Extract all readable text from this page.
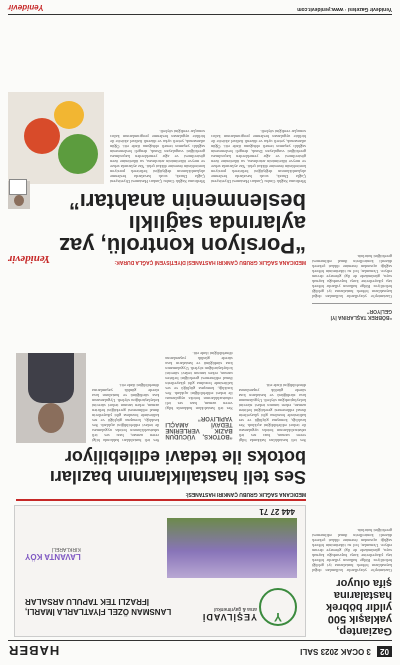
02 3 OCAK 2023 SALI
HABER
Gaziantep, yaklaşık 500 yıldır böbrek hastalarına şifa oluyor
Gaziantep'te yüzyıllardır kullanılan doğal kaynakların böbrek hastalarına iyi geldiği belirtiliyor. Bölge halkının yıllardır böbrek taşı şikayetlerine karşı başvurduğu kaynak suyu, günümüzde de ilgi görmeye devam ediyor. Uzmanlar, bol su tüketiminin böbrek sağlığı açısından önemine dikkat çekerek düzenli kontrollerin ihmal edilmemesi gerektiğini hatırlattı.
“BÖBREK TAŞLARINA İYİ GELİYOR”
Gaziantep'te yüzyıllardır kullanılan doğal kaynakların böbrek hastalarına iyi geldiği belirtiliyor. Bölge halkının yıllardır böbrek taşı şikayetlerine karşı başvurduğu kaynak suyu, günümüzde de ilgi görmeye devam ediyor. Uzmanlar, bol su tüketiminin böbrek sağlığı açısından önemine dikkat çekerek düzenli kontrollerin ihmal edilmemesi gerektiğini hatırlattı.
Y
YEŞİLVADİ
arsa & gayrimenkul
LANSMAN ÖZEL FİYATLARLA İMARLI, İFRAZLI TEK TAPULU ARSALAR
LAVANTA KÖY
KIRKLARELİ
444 27 71
MEDICANA SAĞLIK GRUBU ÇANKIRI HASTANESİ:
Ses teli hastalıklarının bazıları botoks ile tedavi edilebiliyor
Ses teli hastalıkları hakkında bilgi veren uzman, bazı ses teli rahatsızlıklarının botoks uygulaması ile tedavi edilebildiğini açıkladı. Ses kısıklığı, konuşma güçlüğü ve ses kalitesinde bozulma gibi şikayetlerin ihmal edilmemesi gerektiğini belirten uzman, erken tanının tedavi sürecini kolaylaştırdığını söyledi. Uygulamanın kısa sürdüğünü ve hastaların kısa sürede günlük yaşamlarına dönebildiğini ifade etti.
“BOTOKS, VÜCUDUN BAZIK VERLERİNE TEDAVİ AMAÇLI YAPILIYOR”
Ses teli hastalıkları hakkında bilgi veren uzman, bazı ses teli rahatsızlıklarının botoks uygulaması ile tedavi edilebildiğini açıkladı. Ses kısıklığı, konuşma güçlüğü ve ses kalitesinde bozulma gibi şikayetlerin ihmal edilmemesi gerektiğini belirten uzman, erken tanının tedavi sürecini kolaylaştırdığını söyledi. Uygulamanın kısa sürdüğünü ve hastaların kısa sürede günlük yaşamlarına dönebildiğini ifade etti.
Ses teli hastalıkları hakkında bilgi veren uzman, bazı ses teli rahatsızlıklarının botoks uygulaması ile tedavi edilebildiğini açıkladı. Ses kısıklığı, konuşma güçlüğü ve ses kalitesinde bozulma gibi şikayetlerin ihmal edilmemesi gerektiğini belirten uzman, erken tanının tedavi sürecini kolaylaştırdığını söyledi. Uygulamanın kısa sürdüğünü ve hastaların kısa sürede günlük yaşamlarına dönebildiğini ifade etti.
Yenidevir	MEDICANA SAĞLIK GRUBU ÇANKIRI HASTANESİ DİYETİSYENİ ÇAĞLA DURAK:
“Porsiyon kontrolü, yaz aylarında sağlıklı beslenmenin anahtarı”
Medicana Sağlık Grubu Çankırı Hastanesi Diyetisyeni Çağla Durak, sıcak havalarda beslenme alışkanlıklarının değiştiğini belirterek porsiyon kontrolünün önemine dikkat çekti. Yaz aylarında sebze ve meyve tüketiminin artırılması, su tüketimine özen gösterilmesi ve ağır yemeklerden kaçınılması gerektiğini vurgulayan Durak, dengeli beslenmenin sağlıklı yaşamın temeli olduğunu ifade etti. Öğün atlamamak, yeterli uyku ve düzenli fiziksel aktivite ile birlikte uygulanan beslenme programlarının kalıcı sonuçlar verdiğini söyledi.
Medicana Sağlık Grubu Çankırı Hastanesi Diyetisyeni Çağla Durak, sıcak havalarda beslenme alışkanlıklarının değiştiğini belirterek porsiyon kontrolünün önemine dikkat çekti. Yaz aylarında sebze ve meyve tüketiminin artırılması, su tüketimine özen gösterilmesi ve ağır yemeklerden kaçınılması gerektiğini vurgulayan Durak, dengeli beslenmenin sağlıklı yaşamın temeli olduğunu ifade etti. Öğün atlamamak, yeterli uyku ve düzenli fiziksel aktivite ile birlikte uygulanan beslenme programlarının kalıcı sonuçlar verdiğini söyledi.
Yenidevir Gazetesi · www.yenidevir.com
Yenidevir
